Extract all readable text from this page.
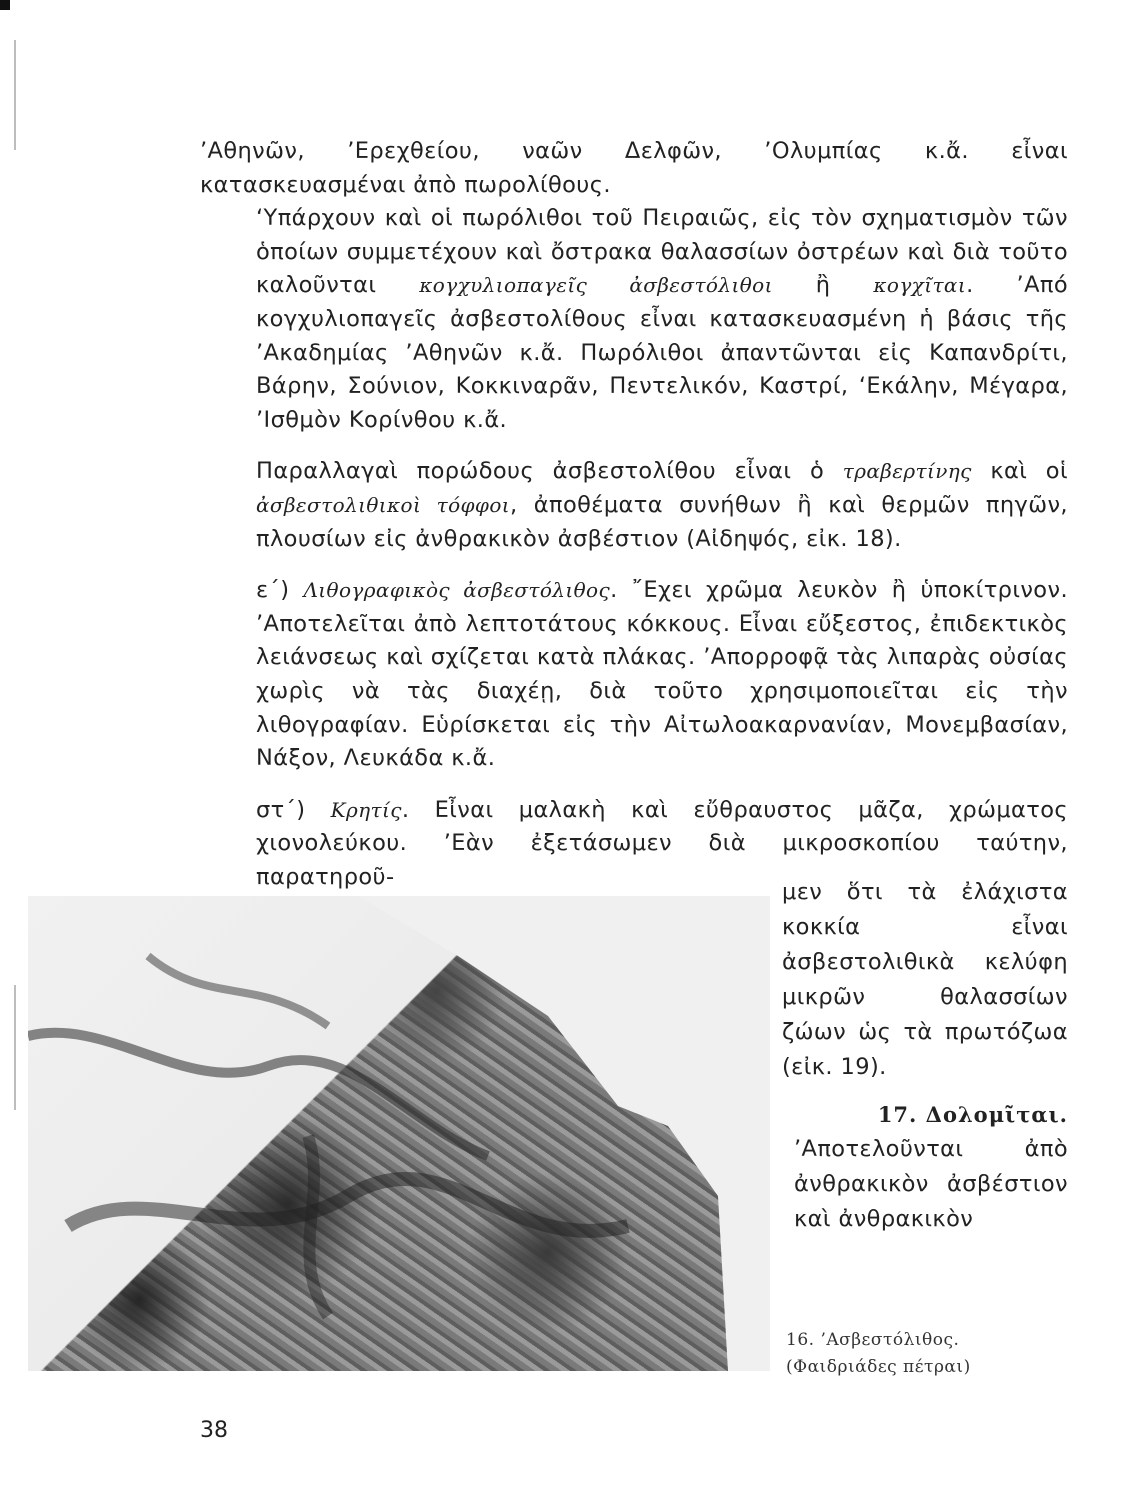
’Αθηνῶν, ’Ερεχθείου, ναῶν Δελφῶν, ’Ολυμπίας κ.ἄ. εἶναι κατασκευασμέναι ἀπὸ πωρολίθους.

‘Υπάρχουν καὶ οἱ πωρόλιθοι τοῦ Πειραιῶς, εἰς τὸν σχηματισμὸν τῶν ὁποίων συμμετέχουν καὶ ὄστρακα θαλασσίων ὀστρέων καὶ διὰ τοῦτο καλοῦνται κογχυλιοπαγεῖς ἀσβεστόλιθοι ἢ κογχῖται. ’Από κογχυλιοπαγεῖς ἀσβεστολίθους εἶναι κατασκευασμένη ἡ βάσις τῆς ’Ακαδημίας ’Αθηνῶν κ.ἄ. Πωρόλιθοι ἀπαντῶνται εἰς Καπανδρίτι, Βάρην, Σούνιον, Κοκκιναρᾶν, Πεντελικόν, Καστρί, ‘Εκάλην, Μέγαρα, ’Ισθμὸν Κορίνθου κ.ἄ.

Παραλλαγαὶ πορώδους ἀσβεστολίθου εἶναι ὁ τραβερτίνης καὶ οἱ ἀσβεστολιθικοὶ τόφφοι, ἀποθέματα συνήθων ἢ καὶ θερμῶν πηγῶν, πλουσίων εἰς ἀνθρακικὸν ἀσβέστιον (Αἰδηψός, εἰκ. 18).

ε΄) Λιθογραφικὸς ἀσβεστόλιθος. ῎Εχει χρῶμα λευκὸν ἢ ὑποκίτρινον. ’Αποτελεῖται ἀπὸ λεπτοτάτους κόκκους. Εἶναι εὔξεστος, ἐπιδεκτικὸς λειάνσεως καὶ σχίζεται κατὰ πλάκας. ’Απορροφᾷ τὰς λιπαρὰς οὐσίας χωρὶς νὰ τὰς διαχέῃ, διὰ τοῦτο χρησιμοποιεῖται εἰς τὴν λιθογραφίαν. Εὑρίσκεται εἰς τὴν Αἰτωλοακαρνανίαν, Μονεμβασίαν, Νάξον, Λευκάδα κ.ἄ.

στ΄) Κρητίς. Εἶναι μαλακὴ καὶ εὔθραυστος μᾶζα, χρώματος χιονολεύκου. ’Εὰν ἐξετάσωμεν διὰ μικροσκοπίου ταύτην, παρατηροῦ-

μεν ὅτι τὰ ἐλάχιστα κοκκία εἶναι ἀσβεστολιθικὰ κελύφη μικρῶν θαλασσίων ζώων ὡς τὰ πρωτόζωα (εἰκ. 19).

17. Δολομῖται.

’Αποτελοῦνται ἀπὸ ἀνθρακικὸν ἀσβέστιον καὶ ἀνθρακικὸν

16. ’Ασβεστόλιθος.
(Φαιδριάδες πέτραι)
38
